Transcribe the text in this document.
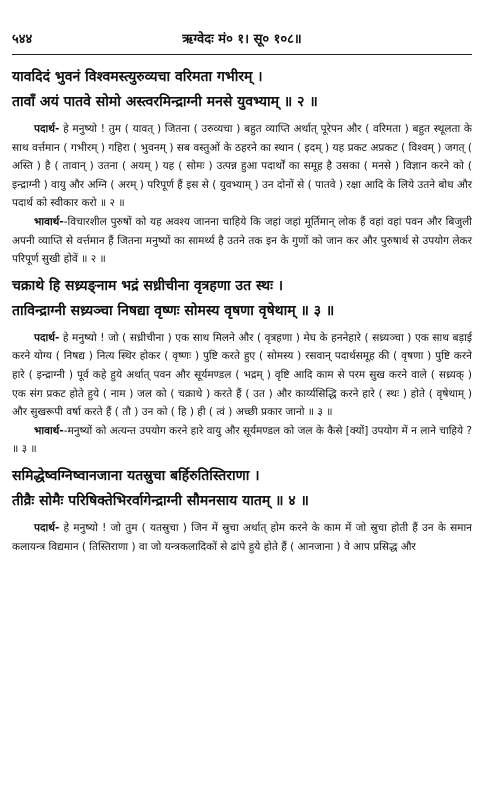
५४४	ऋग्वेदः मं० १। सू० १०८॥

यावदिदं भुवनं विश्वमस्त्युरुव्यचा वरिमता गभीरम् ।

तावाँ अयं पातवे सोमो अस्त्वरमिन्द्राग्नी मनसे युवभ्याम् ॥ २ ॥

पदार्थ- हे मनुष्यो ! तुम ( यावत् ) जितना ( उरुव्यचा ) बहुत व्याप्ति अर्थात् पूरेपन और ( वरिमता ) बहुत स्थूलता के साथ वर्त्तमान ( गभीरम् ) गहिरा ( भुवनम् ) सब वस्तुओं के ठहरने का स्थान ( इदम् ) यह प्रकट अप्रकट ( विश्वम् ) जगत् ( अस्ति ) है ( तावान् ) उतना ( अयम् ) यह ( सोमः ) उत्पन्न हुआ पदार्थों का समूह है उसका ( मनसे ) विज्ञान करने को ( इन्द्राग्नी ) वायु और अग्नि ( अरम् ) परिपूर्ण हैं इस से ( युवभ्याम् ) उन दोनों से ( पातवे ) रक्षा आदि के लिये उतने बोध और पदार्थ को स्वीकार करो ॥ २ ॥

भावार्थ--विचारशील पुरुषों को यह अवश्य जानना चाहिये कि जहां जहां मूर्तिमान् लोक हैं वहां वहां पवन और बिजुली अपनी व्याप्ति से वर्त्तमान हैं जितना मनुष्यों का सामर्थ्य है उतने तक इन के गुणों को जान कर और पुरुषार्थ से उपयोग लेकर परिपूर्ण सुखी होवें ॥ २ ॥

चक्राथे हि सध्र्यङ्नाम भद्रं सध्रीचीना वृत्रहणा उत स्थः ।

ताविन्द्राग्नी सध्र्यञ्चा निषद्या वृष्णः सोमस्य वृषणा वृषेथाम् ॥ ३ ॥

पदार्थ- हे मनुष्यो ! जो ( सध्रीचीना ) एक साथ मिलने और ( वृत्रहणा ) मेघ के हननेहारे ( सध्र्यञ्चा ) एक साथ बड़ाई करने योग्य ( निषद्य ) नित्य स्थिर होकर ( वृष्णः ) पुष्टि करते हुए ( सोमस्य ) रसवान् पदार्थसमूह की ( वृषणा ) पुष्टि करने हारे ( इन्द्राग्नी ) पूर्व कहे हुये अर्थात् पवन और सूर्यमण्डल ( भद्रम् ) वृष्टि आदि काम से परम सुख करने वाले ( सध्र्यक् ) एक संग प्रकट होते हुये ( नाम ) जल को ( चक्राथे ) करते हैं ( उत ) और कार्य्यसिद्धि करने हारे ( स्थः ) होते ( वृषेथाम् ) और सुखरूपी वर्षा करते हैं ( तौ ) उन को ( हि ) ही ( त्वं ) अच्छी प्रकार जानो ॥ ३ ॥

भावार्थ--मनुष्यों को अत्यन्त उपयोग करने हारे वायु और सूर्यमण्डल को जल के कैसे [क्यों] उपयोग में न लाने चाहिये ? ॥ ३ ॥

समिद्धेष्वग्निष्वानजाना यतस्रुचा बर्हिरुतिस्तिराणा ।

तीव्रैः सोमैः परिषिक्तेभिरर्वागेन्द्राग्नी सौमनसाय यातम् ॥ ४ ॥

पदार्थ- हे मनुष्यो ! जो तुम ( यतस्रुचा ) जिन में स्रुचा अर्थात् होम करने के काम में जो स्रुचा होती हैं उन के समान कलायन्त्र विद्यमान ( तिस्तिराणा ) वा जो यन्त्रकलादिकों से ढांपे हुये होते हैं ( आनजाना ) वे आप प्रसिद्ध और
